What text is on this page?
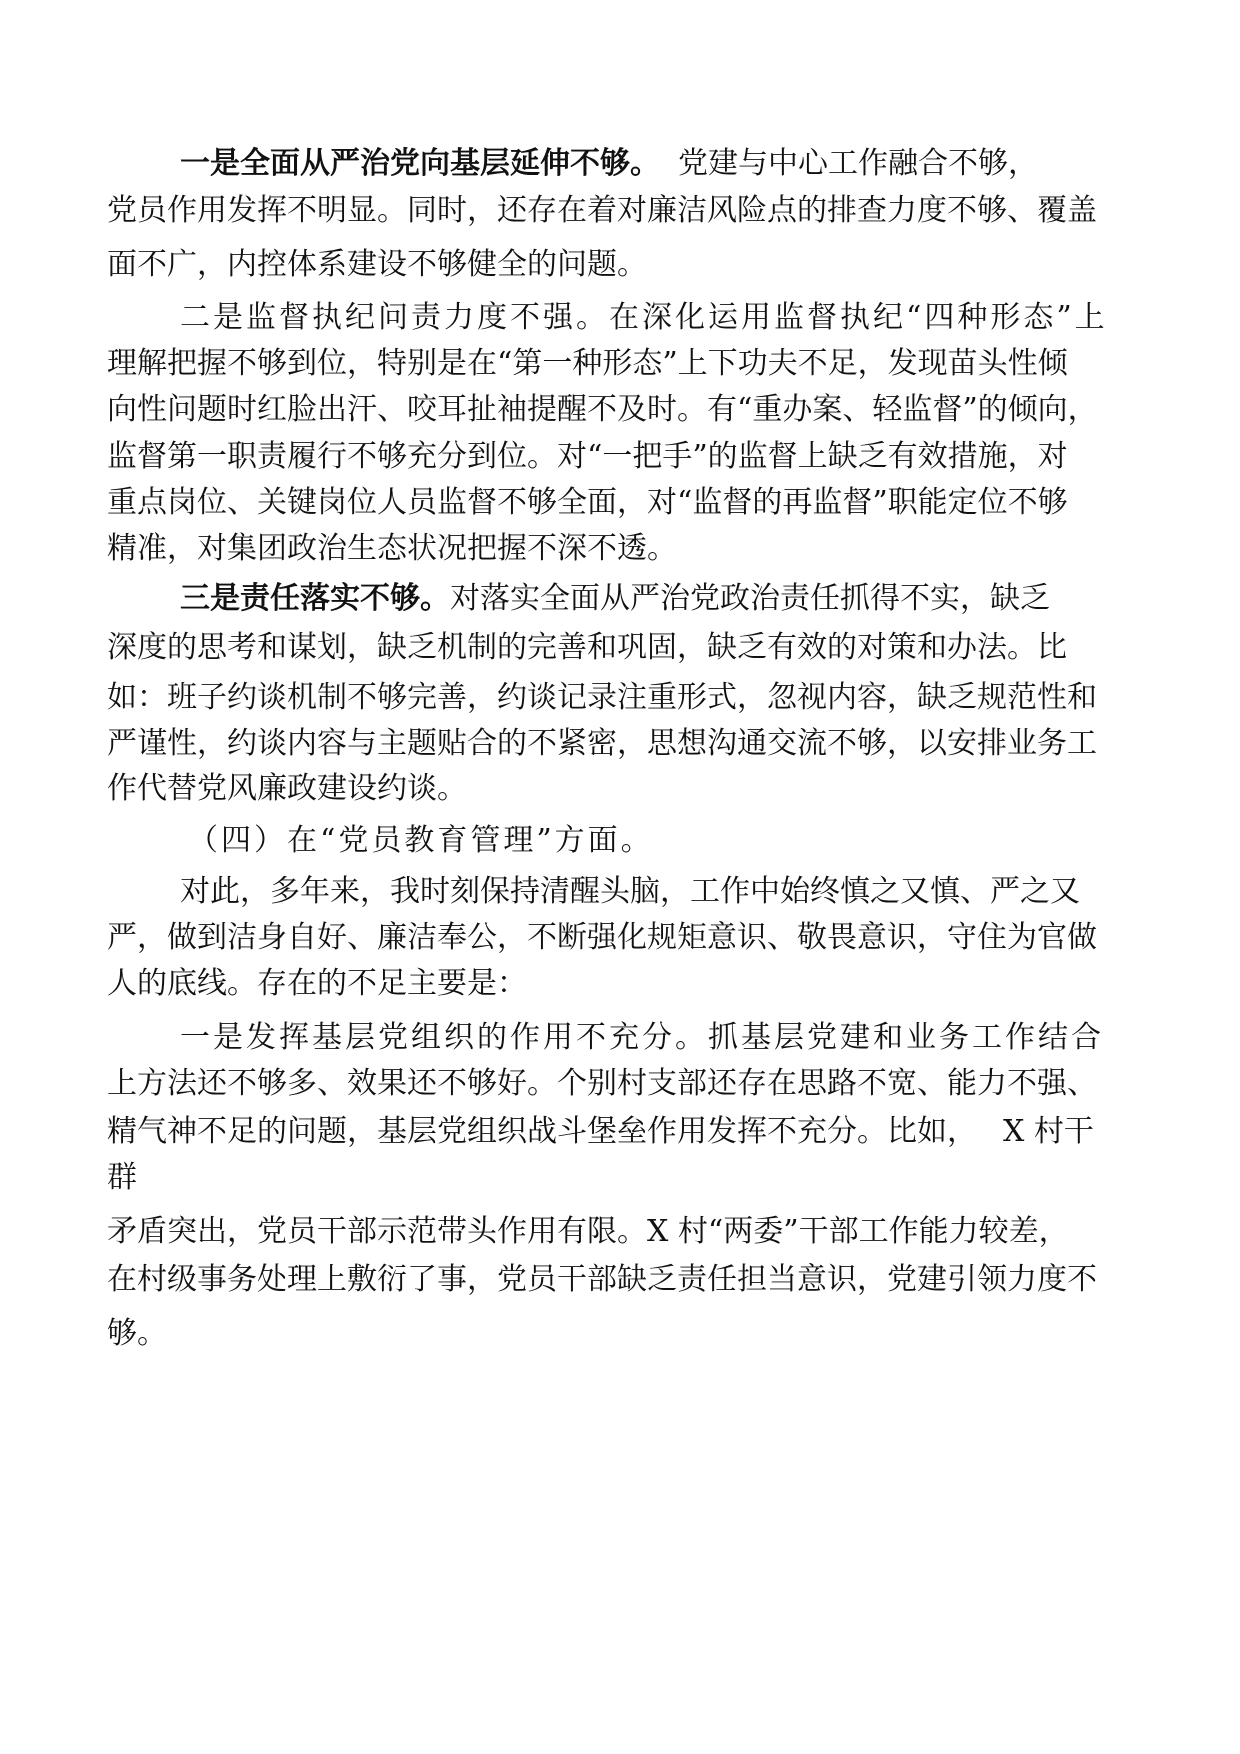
一是全面从严治党向基层延伸不够。 党建与中心工作融合不够，
党员作用发挥不明显。同时，还存在着对廉洁风险点的排查力度不够、覆盖
面不广，内控体系建设不够健全的问题。
二是监督执纪问责力度不强。在深化运用监督执纪“四种形态”上
理解把握不够到位，特别是在“第一种形态”上下功夫不足，发现苗头性倾
向性问题时红脸出汗、咬耳扯袖提醒不及时。有“重办案、轻监督”的倾向，
监督第一职责履行不够充分到位。对“一把手”的监督上缺乏有效措施，对
重点岗位、关键岗位人员监督不够全面，对“监督的再监督”职能定位不够
精准，对集团政治生态状况把握不深不透。
三是责任落实不够。对落实全面从严治党政治责任抓得不实，缺乏
深度的思考和谋划，缺乏机制的完善和巩固，缺乏有效的对策和办法。比
如：班子约谈机制不够完善，约谈记录注重形式，忽视内容，缺乏规范性和
严谨性，约谈内容与主题贴合的不紧密，思想沟通交流不够，以安排业务工
作代替党风廉政建设约谈。
（四）在“党员教育管理”方面。
对此，多年来，我时刻保持清醒头脑，工作中始终慎之又慎、严之又
严，做到洁身自好、廉洁奉公，不断强化规矩意识、敬畏意识，守住为官做
人的底线。存在的不足主要是：
一是发挥基层党组织的作用不充分。抓基层党建和业务工作结合
上方法还不够多、效果还不够好。个别村支部还存在思路不宽、能力不强、
精气神不足的问题，基层党组织战斗堡垒作用发挥不充分。比如， X 村干
群
矛盾突出，党员干部示范带头作用有限。X 村“两委”干部工作能力较差，
在村级事务处理上敷衍了事，党员干部缺乏责任担当意识，党建引领力度不
够。
